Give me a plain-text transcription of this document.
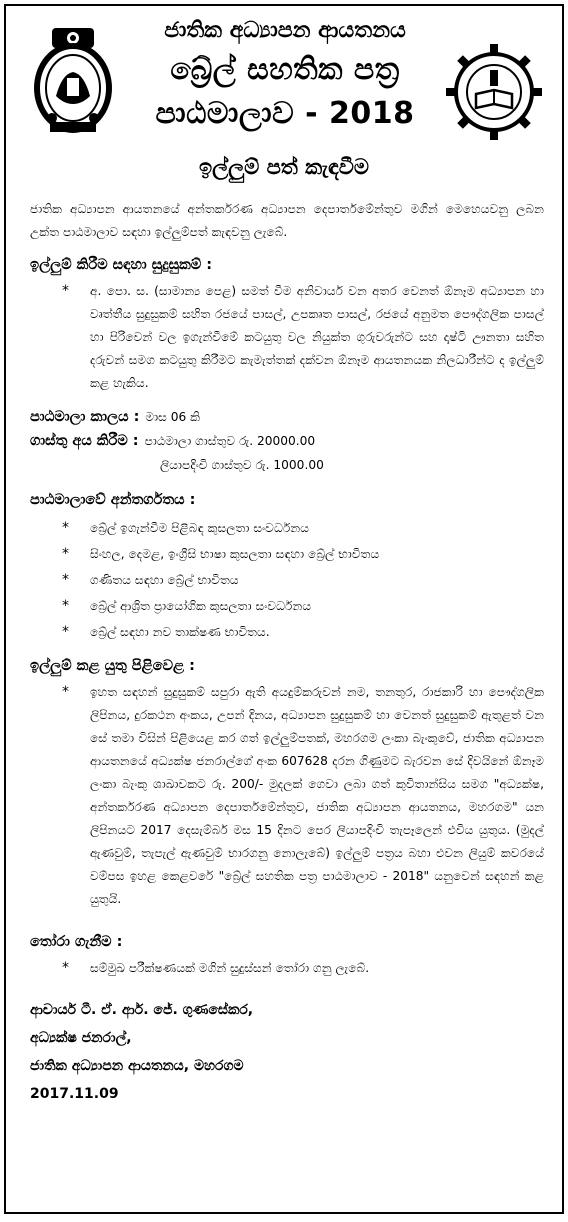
ජාතික අධ්‍යාපන ආයතනය
බ්‍රේල් සහතික පත්‍ර
පාඨමාලාව - 2018
ඉල්ලුම් පත් කැඳවීම

ජාතික අධ්‍යාපන ආයතනයේ අන්තර්කරණ අධ්‍යාපන දෙපාර්තමේන්තුව මගින් මෙහෙයවනු ලබන උක්ත පාඨමාලාව සඳහා ඉල්ලුම්පත් කැඳවනු ලැබේ.

ඉල්ලුම් කිරීම සඳහා සුදුසුකම් :
* අ. පො. ස. (සාමාන්‍ය පෙළ) සමත් වීම අනිවාර්ය වන අතර වෙනත් ඕනෑම අධ්‍යාපන හා වෘත්තීය සුදුසුකම් සහිත රජයේ පාසල්, උපකෘත පාසල්, රජයේ අනුමත පෞද්ගලික පාසල් හා පිරිවෙන් වල ඉගැන්වීමේ කටයුතු වල නියුක්ත ගුරුවරුන්ට සහ දෘෂ්ටි ඌනතා සහිත දරුවන් සමග කටයුතු කිරීමට කැමැත්තක් දක්වන ඕනෑම ආයතනයක නිලධාරීන්ට ද ඉල්ලුම් කළ හැකිය.
පාඨමාලා කාලය : මාස 06 කි
ගාස්තු අය කිරීම : පාඨමාලා ගාස්තුව රු. 20000.00
ලියාපදිංචි ගාස්තුව රු. 1000.00
පාඨමාලාවේ අන්තර්ගතය :
* බ්‍රේල් ඉගැන්වීම පිළිබඳ කුසලතා සංවර්ධනය
* සිංහල, දෙමළ, ඉංග්‍රීසි භාෂා කුසලතා සඳහා බ්‍රේල් භාවිතය
* ගණිතය සඳහා බ්‍රේල් භාවිතය
* බ්‍රේල් ආශ්‍රිත ප්‍රායෝගික කුසලතා සංවර්ධනය
* බ්‍රේල් සඳහා නව තාක්ෂණ භාවිතය.
ඉල්ලුම් කළ යුතු පිළිවෙළ :
* ඉහත සඳහන් සුදුසුකම් සපුරා ඇති අයදුම්කරුවන් නම, තනතුර, රාජකාරි හා පෞද්ගලික ලිපිනය, දුරකථන අංකය, උපන් දිනය, අධ්‍යාපන සුදුසුකම් හා වෙනත් සුදුසුකම් ඇතුළත් වන සේ තමා විසින් පිළියෙළ කර ගත් ඉල්ලුම්පතක්, මහරගම ලංකා බැංකුවේ, ජාතික අධ්‍යාපන ආයතනයේ අධ්‍යක්ෂ ජනරාල්ගේ අංක 607628 දරන ගිණුමට බැරවන සේ දිවයිනේ ඕනෑම ලංකා බැංකු ශාඛාවකට රු. 200/- මුදලක් ගෙවා ලබා ගත් කුවිතාන්සිය සමග "අධ්‍යක්ෂ, අන්තර්කරණ අධ්‍යාපන දෙපාර්තමේන්තුව, ජාතික අධ්‍යාපන ආයතනය, මහරගම" යන ලිපිනයට 2017 දෙසැම්බර් මස 15 දිනට පෙර ලියාපදිංචි තැපෑලෙන් එවිය යුතුය. (මුදල් ඇණවුම්, තැපැල් ඇණවුම් භාරගනු නොලැබේ) ඉල්ලුම් පත්‍රය බහා එවන ලියුම් කවරයේ වම්පස ඉහළ කෙළවරේ "බ්‍රේල් සහතික පත්‍ර පාඨමාලාව - 2018" යනුවෙන් සඳහන් කළ යුතුයි.
තෝරා ගැනීම :
* සම්මුඛ පරීක්ෂණයක් මගින් සුදුස්සන් තෝරා ගනු ලැබේ.
ආචාර්ය ටී. ඒ. ආර්. ජේ. ගුණසේකර,
අධ්‍යක්ෂ ජනරාල්,
ජාතික අධ්‍යාපන ආයතනය, මහරගම
2017.11.09
